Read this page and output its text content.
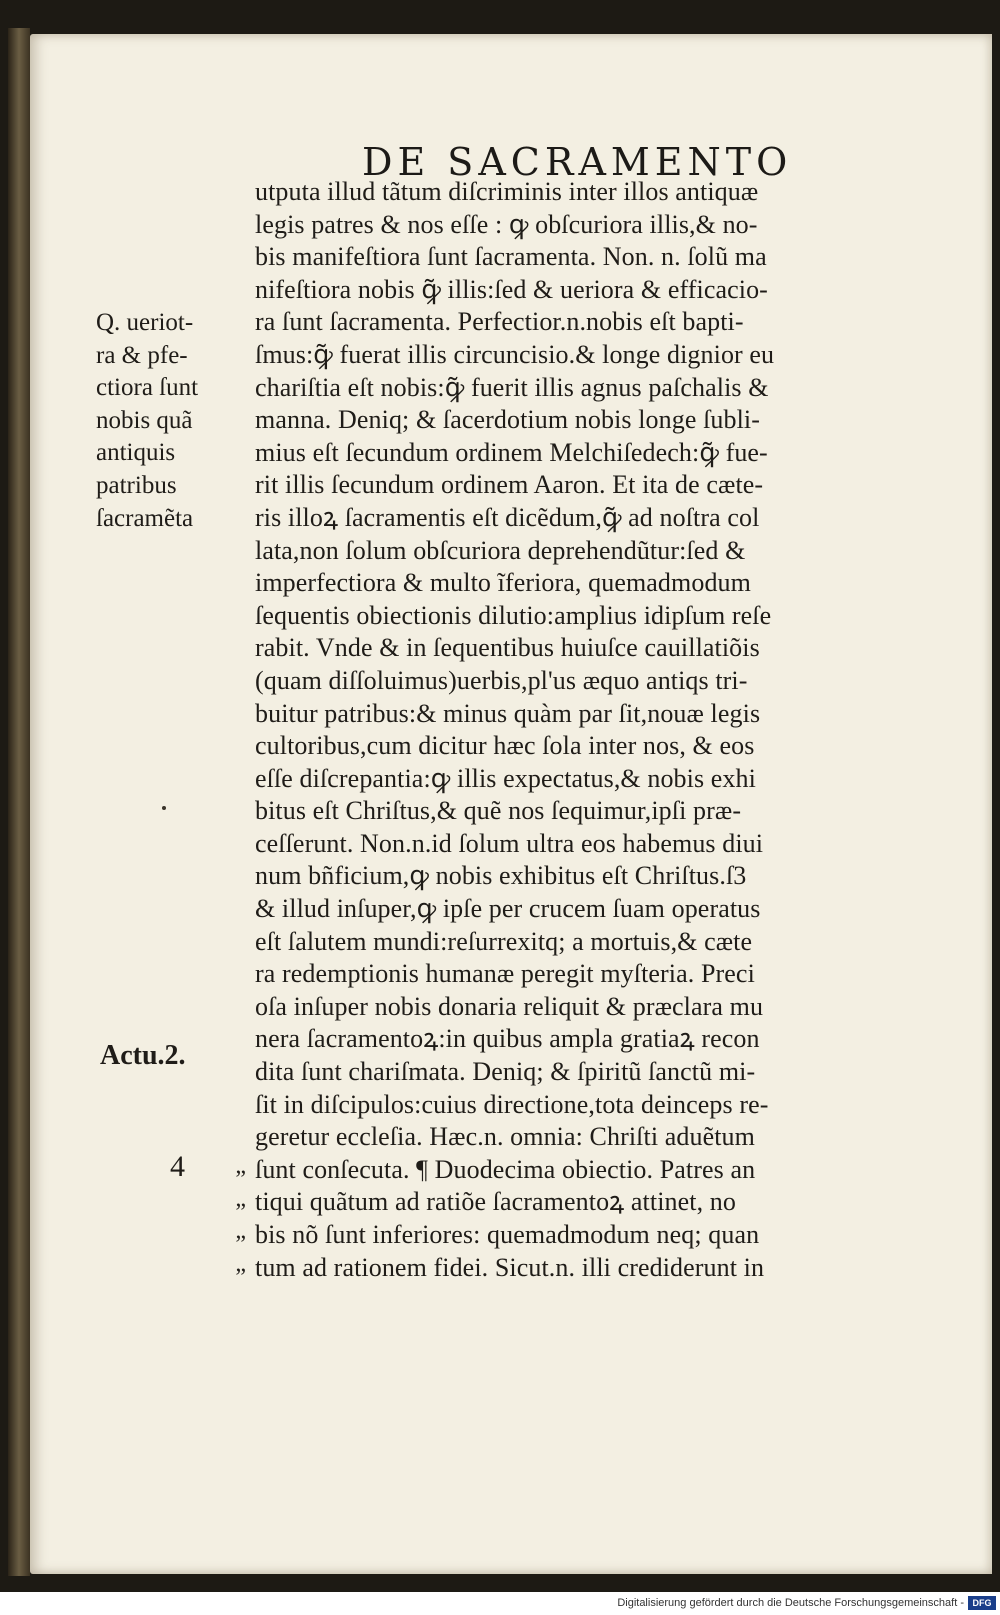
DE SACRAMENTO
utputa illud tãtum diſcriminis inter illos antiquæ
legis patres & nos eſſe : ꝙ obſcuriora illis,& no-
bis manifeſtiora ſunt ſacramenta. Non. n. ſolũ ma
nifeſtiora nobis ꝙ̃ illis:ſed & ueriora & efficacio-
ra ſunt ſacramenta. Perfectior.n.nobis eſt bapti-
ſmus:ꝙ̃ fuerat illis circuncisio.& longe dignior eu
chariſtia eſt nobis:ꝙ̃ fuerit illis agnus paſchalis &
manna. Deniq; & ſacerdotium nobis longe ſubli-
mius eſt ſecundum ordinem Melchiſedech:ꝙ̃ fue-
rit illis ſecundum ordinem Aaron. Et ita de cæte-
ris illoꝝ ſacramentis eſt dicẽdum,ꝙ̃ ad noſtra col
lata,non ſolum obſcuriora deprehendũtur:ſed &
imperfectiora & multo ĩferiora, quemadmodum
ſequentis obiectionis dilutio:amplius idipſum reſe
rabit. Vnde & in ſequentibus huiuſce cauillatiõis
(quam diſſoluimus)uerbis,pl'us æquo antiqs tri-
buitur patribus:& minus quàm par ſit,nouæ legis
cultoribus,cum dicitur hæc ſola inter nos, & eos
eſſe diſcrepantia:ꝙ illis expectatus,& nobis exhi
bitus eſt Chriſtus,& quẽ nos ſequimur,ipſi præ-
ceſſerunt. Non.n.id ſolum ultra eos habemus diui
num bñficium,ꝙ nobis exhibitus eſt Chriſtus.ſ3
& illud inſuper,ꝙ ipſe per crucem ſuam operatus
eſt ſalutem mundi:reſurrexitq; a mortuis,& cæte
ra redemptionis humanæ peregit myſteria. Preci
oſa inſuper nobis donaria reliquit & præclara mu
nera ſacramentoꝝ:in quibus ampla gratiaꝝ recon
dita ſunt chariſmata. Deniq; & ſpiritũ ſanctũ mi-
ſit in diſcipulos:cuius directione,tota deinceps re-
geretur eccleſia. Hæc.n. omnia: Chriſti aduẽtum
ſunt conſecuta. ¶ Duodecima obiectio. Patres an
tiqui quãtum ad ratiõe ſacramentoꝝ attinet, no
bis nõ ſunt inferiores: quemadmodum neq; quan
tum ad rationem fidei. Sicut.n. illi crediderunt in
Q. ueriot-
ra & pfe-
ctiora ſunt
nobis quã
antiquis
patribus
ſacramẽta
Actu.2.
4	„
„
„
„
Digitalisierung gefördert durch die Deutsche Forschungsgemeinschaft - DFG
